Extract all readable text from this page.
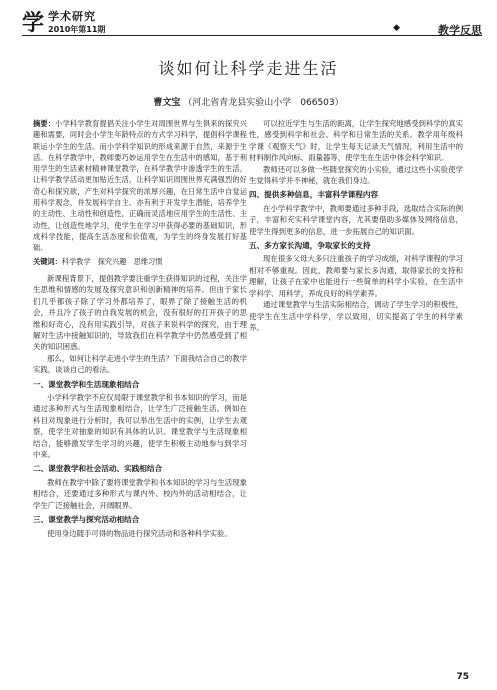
学 学术研究
2010年第11期	◆	教学反思
谈如何让科学走进生活
曹文宝 （河北省青龙县实验山小学　066503）
摘要：小学科学教育提倡关注小学生对周围世界与生俱来的探究兴趣和需要，同时会小学生年龄特点的方式学习科学，提倡科学课程联运小学生的生活。而小学科学知识的形成来源于自然，来源于生活。在科学教学中，教师要巧妙运用学生在生活中的感知，基于利用学生的生活素材精神课堂教学，在科学教学中渗透学生的生活，让科学教学活动更加贴近生活，让科学知识周围世界充满强烈的好奇心和探究欲，产生对科学探究的浓厚兴趣，在日常生活中自觉运用科学观念，并发展科学自主、亦有利于开发学生潜能，培养学生的主动性、主动性和创造性，正确而灵活地应用学生的生活性、主动性，让创造性地学习，使学生在学习中获得必要的基础知识，形成科学技能，提高生活态度和价值观，为学生的终身发展打好基础。
关键词：科学教学　探究兴趣　思维习惯

新课程背景下，提倡教学要注重学生获得知识的过程，关注学生思维和情感的发展及探究意识和创新精神的培养。但由于家长们几乎都孩子除了学习外都培养了，眼界了除了接触生活的机会，并且冷了孩子的自我发展的机会，没有很好的打开孩子的思维和好奇心，没有用实践引导，对孩子来说科学的探究，由于理解对生活中接触知识的，导致我们在科学教学中仍然感受到了相关的知识困惑。

那么，如何让科学走进小学生的生活？下面我结合自己的教学实践，谈谈自己的看法。

一、课堂教学和生活现象相结合

小学科学教学不应仅局限于课堂教学和书本知识的学习，而是通过多种形式与生活现象相结合，让学生广泛接触生活。例如在科目对现象进行分析时，我可以举出生活中的实例，让学生去观察，使学生对抽象的知识有具体的认识。课堂教学与生活现象相结合，能够激发学生学习的兴趣，使学生积极主动地参与到学习中来。

二、课堂教学和社会活动、实践相结合

教师在教学中除了要将课堂教学和书本知识的学习与生活现象相结合，还要通过多种形式与课内外、校内外的活动相结合，让学生广泛接触社会，开阔眼界。

三、课堂教学与探究活动相结合

使用身边随手可得的物品进行探究活动和各种科学实验。

可以拉近学生与生活的距离，让学生探究地感受到科学的真实性，感受到科学和社会、科学和日常生活的关系。教学用年级科学课《观察天气》时，让学生每天记录天气情况，利用生活中的材料制作风向标、雨量器等，使学生在生活中体会科学知识。

教师还可以多做一些随堂探究的小实验，通过这些小实验使学生觉得科学并不神秘，就在我们身边。

四、提供多种信息，丰富科学课程内容

在小学科学教学中，教师要通过多种手段，选取结合实际的例子，丰富和充实科学课堂内容，尤其要借助多媒体及网络信息，使学生得到更多的信息，进一步拓展自己的知识面。

五、多方家长沟通，争取家长的支持

现在很多父母大多只注重孩子的学习成绩，对科学课程的学习相对不够重视。因此，教师要与家长多沟通，取得家长的支持和理解，让孩子在家中也能进行一些简单的科学小实验，在生活中学科学、用科学，养成良好的科学素养。

通过课堂教学与生活实际相结合，调动了学生学习的积极性，使学生在生活中学科学，学以致用，切实提高了学生的科学素养。

75
